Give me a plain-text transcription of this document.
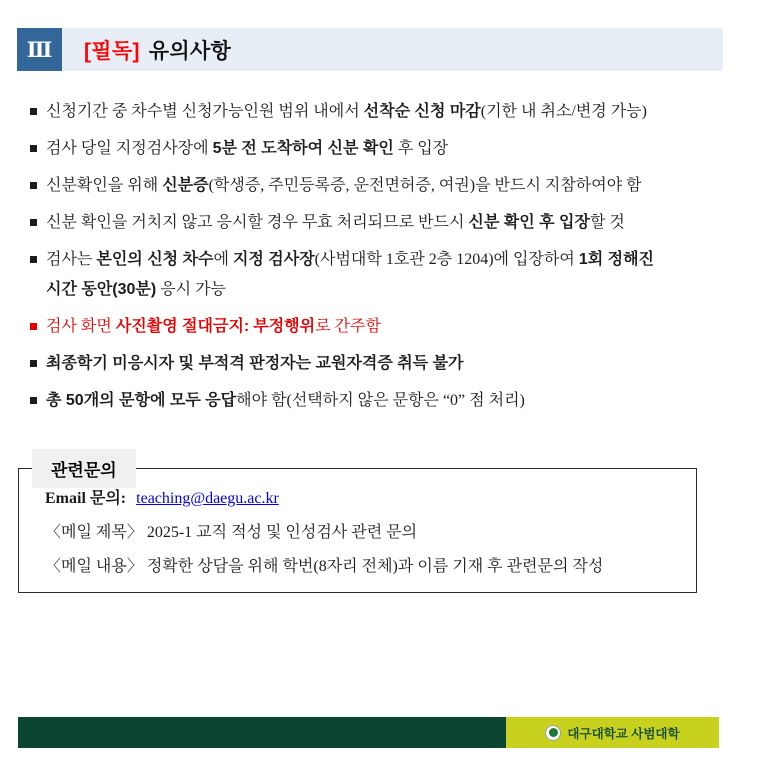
Ⅲ	[필독] 유의사항
신청기간 중 차수별 신청가능인원 범위 내에서 선착순 신청 마감(기한 내 취소/변경 가능)
검사 당일 지정검사장에 5분 전 도착하여 신분 확인 후 입장
신분확인을 위해 신분증(학생증, 주민등록증, 운전면허증, 여권)을 반드시 지참하여야 함
신분 확인을 거치지 않고 응시할 경우 무효 처리되므로 반드시 신분 확인 후 입장할 것
검사는 본인의 신청 차수에 지정 검사장(사범대학 1호관 2층 1204)에 입장하여 1회 정해진
시간 동안(30분) 응시 가능
검사 화면 사진촬영 절대금지: 부정행위로 간주함
최종학기 미응시자 및 부적격 판정자는 교원자격증 취득 불가
총 50개의 문항에 모두 응답해야 함(선택하지 않은 문항은 “0” 점 처리)
관련문의
Email 문의: teaching@daegu.ac.kr
〈메일 제목〉 2025-1 교직 적성 및 인성검사 관련 문의
〈메일 내용〉 정확한 상담을 위해 학번(8자리 전체)과 이름 기재 후 관련문의 작성
대구대학교 사범대학
